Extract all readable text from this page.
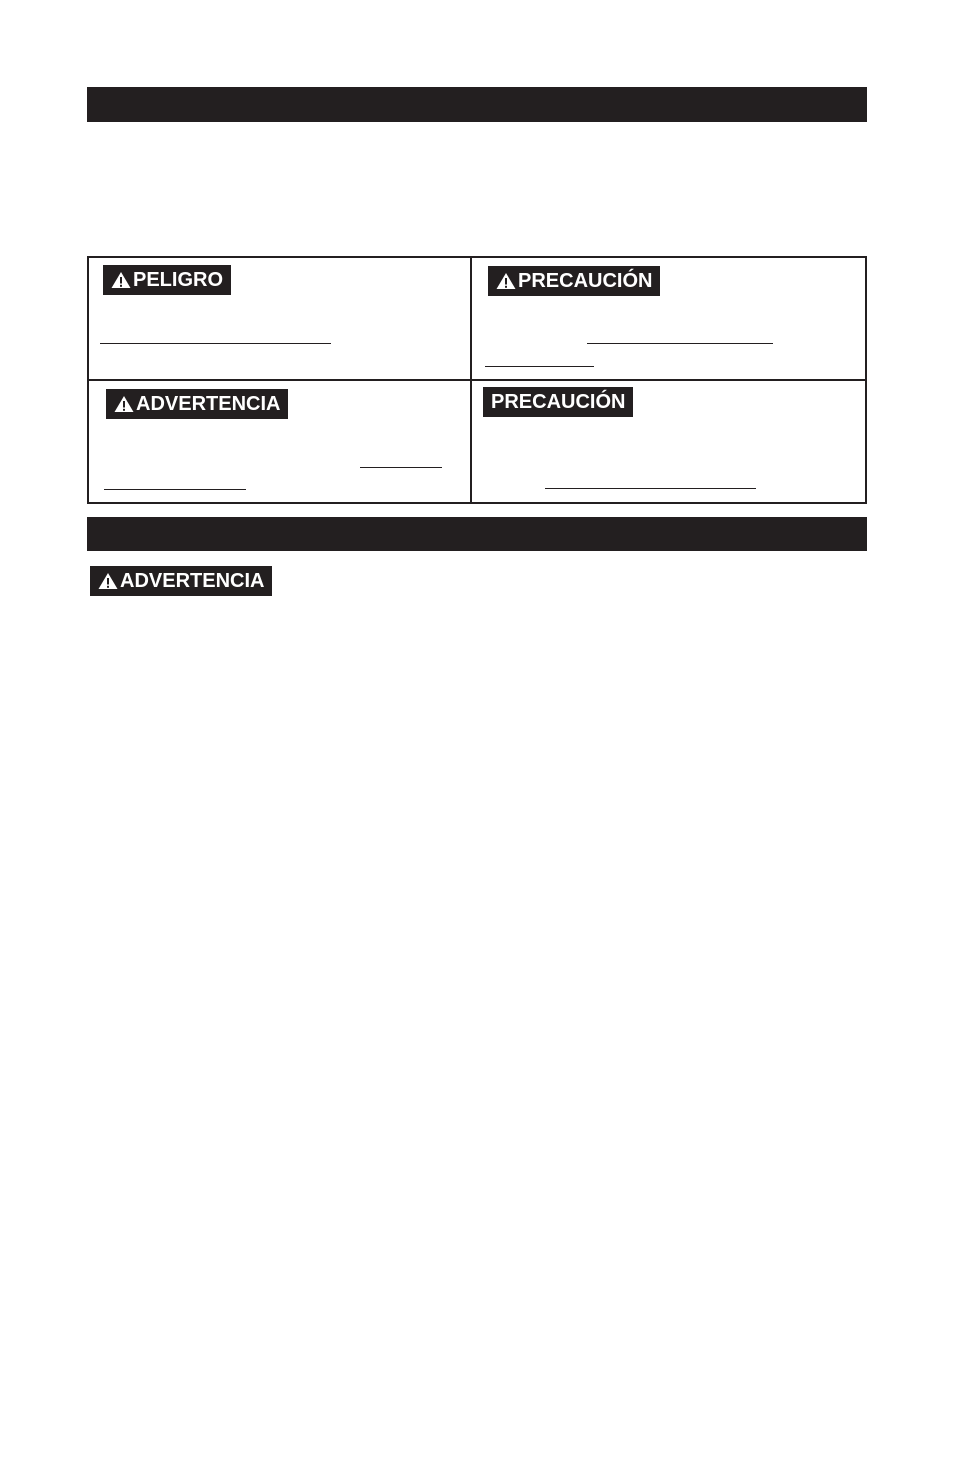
PELIGRO	PRECAUCIÓN
ADVERTENCIA	PRECAUCIÓN
ADVERTENCIA
